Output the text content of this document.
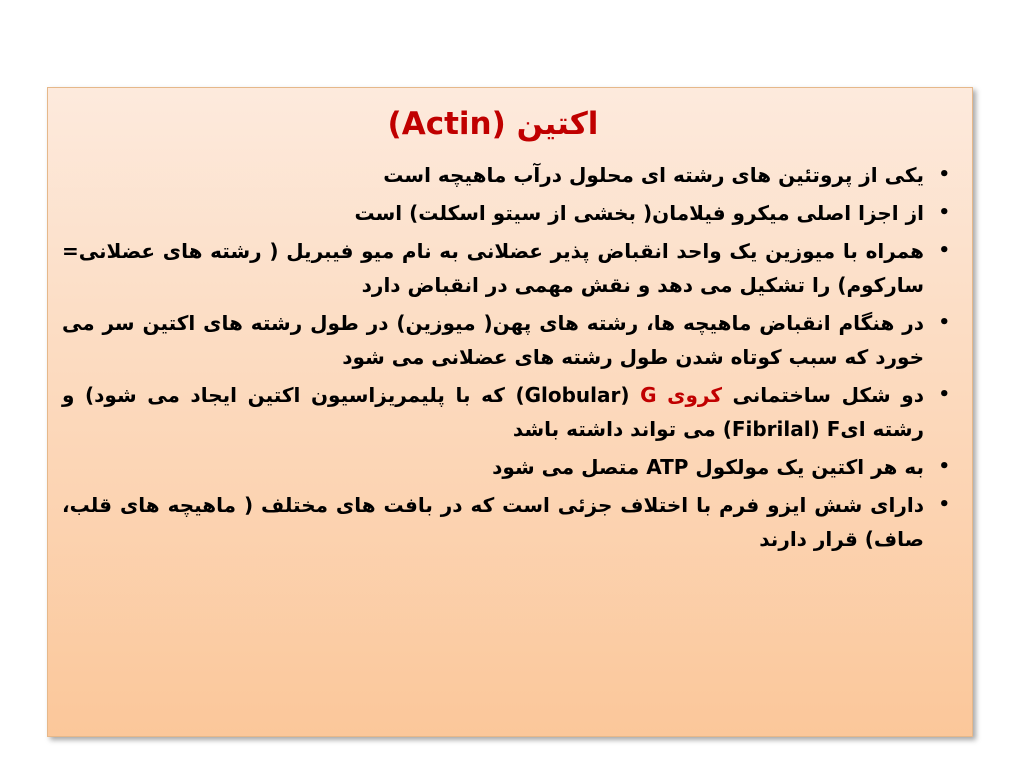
اکتین (Actin)
•
یکی از پروتئین های رشته ای محلول درآب ماهیچه است
•
از اجزا اصلی میکرو فیلامان( بخشی از سیتو اسکلت) است
•
همراه با میوزین یک واحد انقباض پذیر عضلانی به نام میو فیبریل ( رشته های عضلانی= سارکوم) را تشکیل می دهد و نقش مهمی در انقباض دارد
•
در هنگام انقباض ماهیچه ها، رشته های پهن( میوزین) در طول رشته های اکتین سر می خورد که سبب کوتاه شدن طول رشته های عضلانی می شود
•
دو شکل ساختمانی کروی G (Globular) که با پلیمریزاسیون اکتین ایجاد می شود) و رشته ایF (Fibrilal) می تواند داشته باشد
•
به هر اکتین یک مولکول ATP متصل می شود
•
دارای شش ایزو فرم با اختلاف جزئی است که در بافت های مختلف ( ماهیچه های قلب، صاف) قرار دارند
